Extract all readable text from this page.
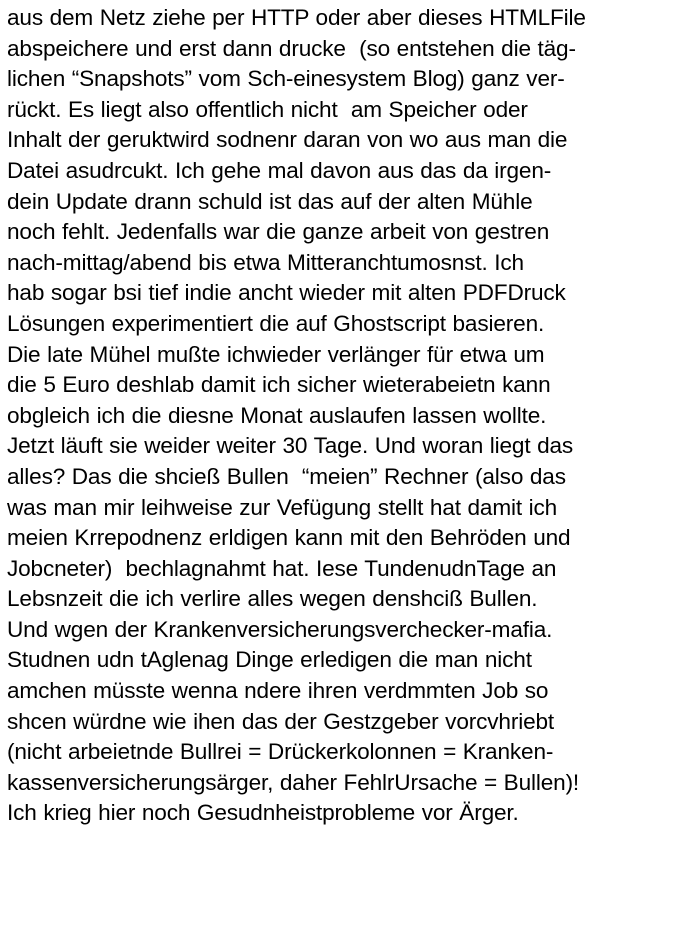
aus dem Netz ziehe per HTTP oder aber dieses HTMLFile
abspeichere und erst dann drucke  (so entstehen die täg-
lichen “Snapshots” vom Sch-einesystem Blog) ganz ver-
rückt. Es liegt also offentlich nicht  am Speicher oder
Inhalt der geruktwird sodnenr daran von wo aus man die
Datei asudrcukt. Ich gehe mal davon aus das da irgen-
dein Update drann schuld ist das auf der alten Mühle
noch fehlt. Jedenfalls war die ganze arbeit von gestren
nach-mittag/abend bis etwa Mitteranchtumosnst. Ich
hab sogar bsi tief indie ancht wieder mit alten PDFDruck
Lösungen experimentiert die auf Ghostscript basieren.
Die late Mühel mußte ichwieder verlänger für etwa um
die 5 Euro deshlab damit ich sicher wieterabeietn kann
obgleich ich die diesne Monat auslaufen lassen wollte.
Jetzt läuft sie weider weiter 30 Tage. Und woran liegt das
alles? Das die shcieß Bullen  “meien” Rechner (also das
was man mir leihweise zur Vefügung stellt hat damit ich
meien Krrepodnenz erldigen kann mit den Behröden und
Jobcneter)  bechlagnahmt hat. Iese TundenudnTage an
Lebsnzeit die ich verlire alles wegen denshciß Bullen.
Und wgen der Krankenversicherungsverchecker-mafia.
Studnen udn tAglenag Dinge erledigen die man nicht
amchen müsste wenna ndere ihren verdmmten Job so
shcen würdne wie ihen das der Gestzgeber vorcvhriebt
(nicht arbeietnde Bullrei = Drückerkolonnen = Kranken-
kassenversicherungsärger, daher FehlrUrsache = Bullen)!
Ich krieg hier noch Gesudnheistprobleme vor Ärger.
